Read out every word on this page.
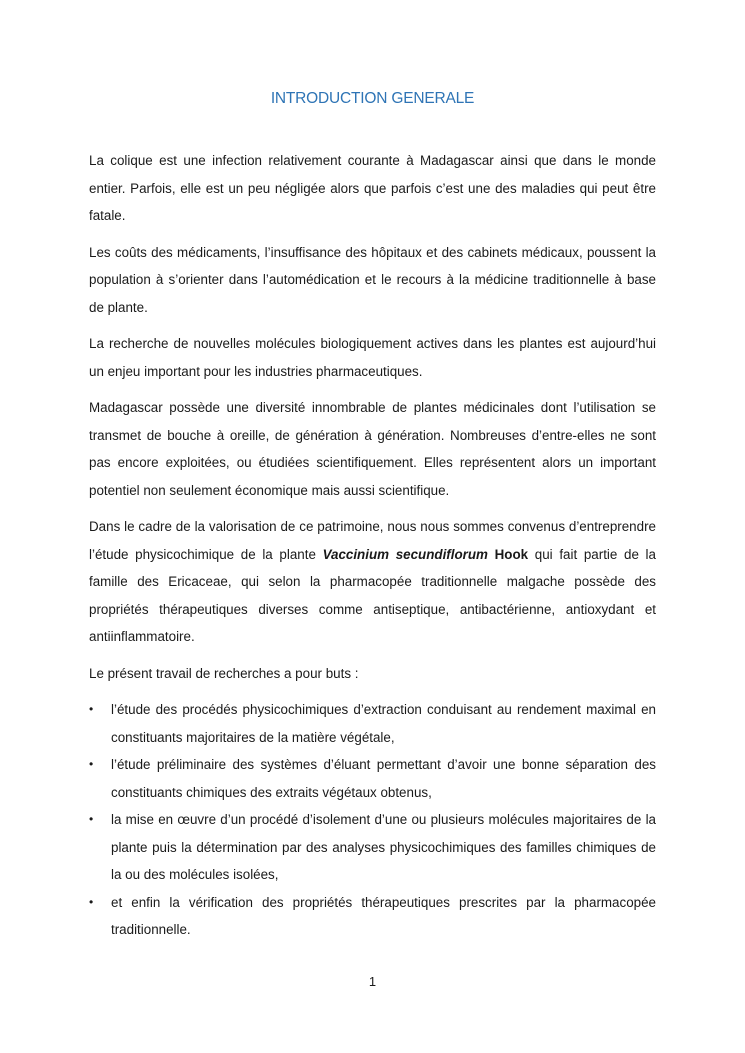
INTRODUCTION GENERALE

La colique est une infection relativement courante à Madagascar ainsi que dans le monde entier. Parfois, elle est un peu négligée alors que parfois c’est une des maladies qui peut être fatale.

Les coûts des médicaments, l’insuffisance des hôpitaux et des cabinets médicaux, poussent la population à s’orienter dans l’automédication et le recours à la médicine traditionnelle à base de plante.

La recherche de nouvelles molécules biologiquement actives dans les plantes est aujourd’hui un enjeu important pour les industries pharmaceutiques.

Madagascar possède une diversité innombrable de plantes médicinales dont l’utilisation se transmet de bouche à oreille, de génération à génération. Nombreuses d’entre-elles ne sont pas encore exploitées, ou étudiées scientifiquement. Elles représentent alors un important potentiel non seulement économique mais aussi scientifique.

Dans le cadre de la valorisation de ce patrimoine, nous nous sommes convenus d’entreprendre l’étude physicochimique de la plante Vaccinium secundiflorum Hook qui fait partie de la famille des Ericaceae, qui selon la pharmacopée traditionnelle malgache possède des propriétés thérapeutiques diverses comme antiseptique, antibactérienne, antioxydant et antiinflammatoire.

Le présent travail de recherches a pour buts :

• l’étude des procédés physicochimiques d’extraction conduisant au rendement maximal en constituants majoritaires de la matière végétale,
• l’étude préliminaire des systèmes d’éluant permettant d’avoir une bonne séparation des constituants chimiques des extraits végétaux obtenus,
• la mise en œuvre d’un procédé d’isolement d’une ou plusieurs molécules majoritaires de la plante puis la détermination par des analyses physicochimiques des familles chimiques de la ou des molécules isolées,
• et enfin la vérification des propriétés thérapeutiques prescrites par la pharmacopée traditionnelle.
1
